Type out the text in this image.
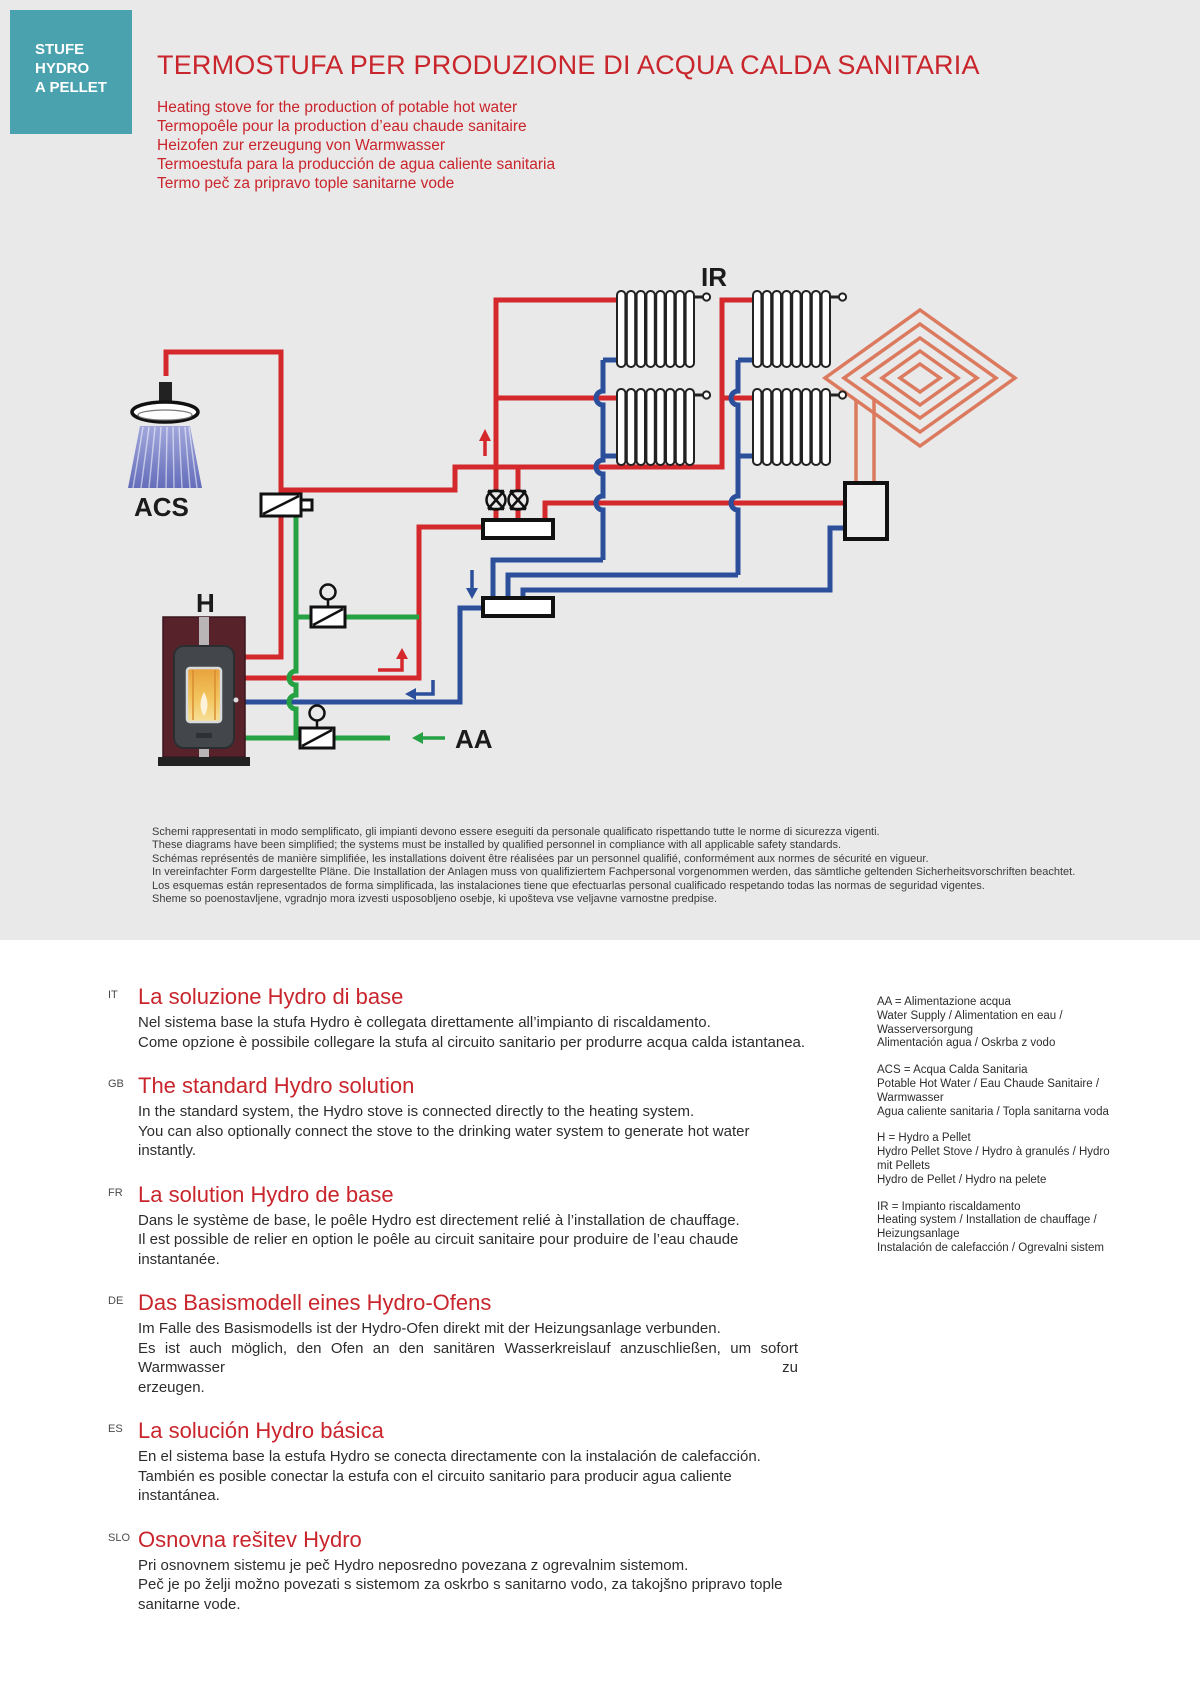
ACS
H
IR
AA
STUFE
HYDRO
A PELLET
TERMOSTUFA PER PRODUZIONE DI ACQUA CALDA SANITARIA
Heating stove for the production of potable hot water
Termopoêle pour la production d’eau chaude sanitaire
Heizofen zur erzeugung von Warmwasser
Termoestufa para la producción de agua caliente sanitaria
Termo peč za pripravo tople sanitarne vode
Schemi rappresentati in modo semplificato, gli impianti devono essere eseguiti da personale qualificato rispettando tutte le norme di sicurezza vigenti.
These diagrams have been simplified; the systems must be installed by qualified personnel in compliance with all applicable safety standards.
Schémas représentés de manière simplifiée, les installations doivent être réalisées par un personnel qualifié, conformément aux normes de sécurité en vigueur.
In vereinfachter Form dargestellte Pläne. Die Installation der Anlagen muss von qualifiziertem Fachpersonal vorgenommen werden, das sämtliche geltenden Sicherheitsvorschriften beachtet.
Los esquemas están representados de forma simplificada, las instalaciones tiene que efectuarlas personal cualificado respetando todas las normas de seguridad vigentes.
Sheme so poenostavljene, vgradnjo mora izvesti usposobljeno osebje, ki upošteva vse veljavne varnostne predpise.
IT La soluzione Hydro di base
Nel sistema base la stufa Hydro è collegata direttamente all’impianto di riscaldamento.
Come opzione è possibile collegare la stufa al circuito sanitario per produrre acqua calda istantanea.
GB The standard Hydro solution
In the standard system, the Hydro stove is connected directly to the heating system.
You can also optionally connect the stove to the drinking water system to generate hot water instantly.
FR La solution Hydro de base
Dans le système de base, le poêle Hydro est directement relié à l’installation de chauffage.
Il est possible de relier en option le poêle au circuit sanitaire pour produire de l’eau chaude instantanée.
DE Das Basismodell eines Hydro-Ofens
Im Falle des Basismodells ist der Hydro-Ofen direkt mit der Heizungsanlage verbunden.
Es ist auch möglich, den Ofen an den sanitären Wasserkreislauf anzuschließen, um sofort Warmwasser zu
erzeugen.
ES La solución Hydro básica
En el sistema base la estufa Hydro se conecta directamente con la instalación de calefacción.
También es posible conectar la estufa con el circuito sanitario para producir agua caliente instantánea.
SLO Osnovna rešitev Hydro
Pri osnovnem sistemu je peč Hydro neposredno povezana z ogrevalnim sistemom.
Peč je po želji možno povezati s sistemom za oskrbo s sanitarno vodo, za takojšno pripravo tople sanitarne vode.
AA = Alimentazione acqua
Water Supply / Alimentation en eau / Wasserversorgung
Alimentación agua / Oskrba z vodo
ACS = Acqua Calda Sanitaria
Potable Hot Water / Eau Chaude Sanitaire / Warmwasser
Agua caliente sanitaria / Topla sanitarna voda
H = Hydro a Pellet
Hydro Pellet Stove / Hydro à granulés / Hydro mit Pellets
Hydro de Pellet / Hydro na pelete
IR = Impianto riscaldamento
Heating system / Installation de chauffage / Heizungsanlage
Instalación de calefacción / Ogrevalni sistem
